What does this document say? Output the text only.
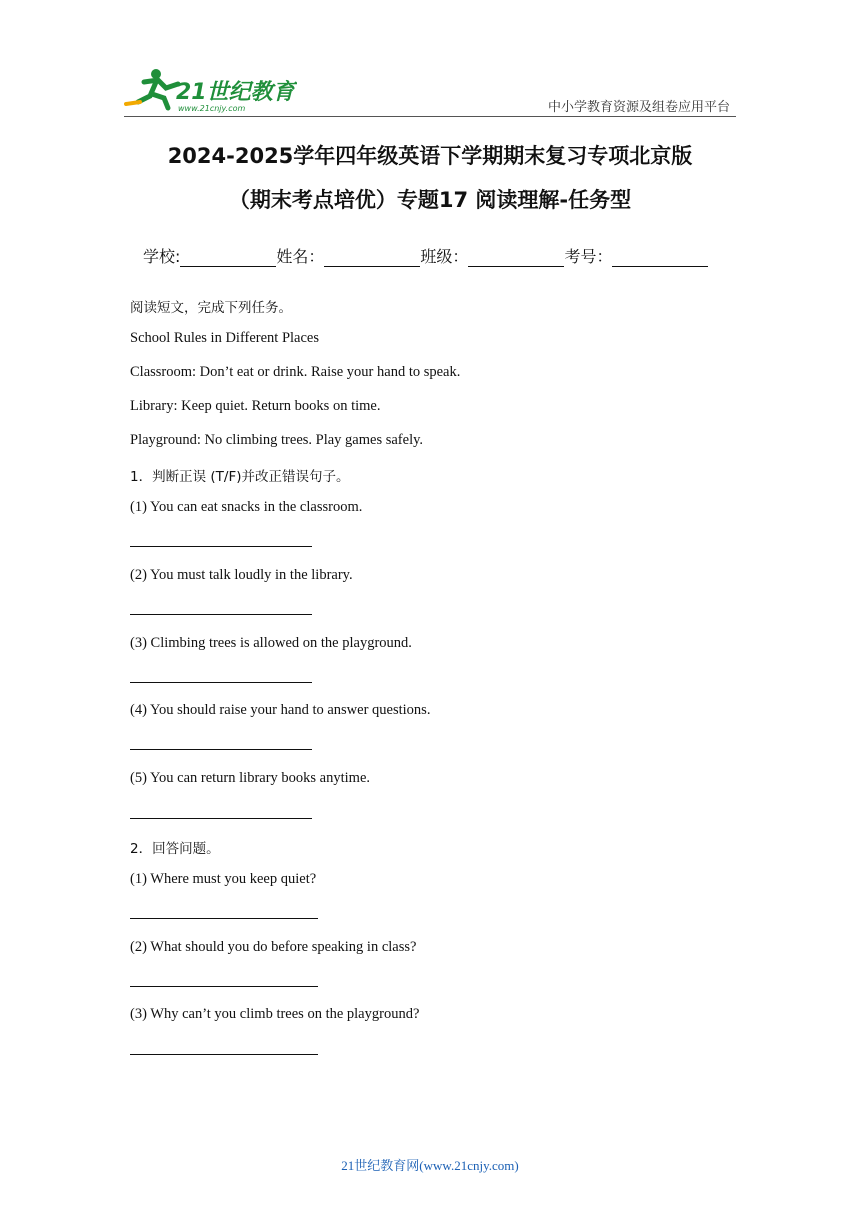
21世纪教育
www.21cnjy.com	中小学教育资源及组卷应用平台
2024-2025学年四年级英语下学期期末复习专项北京版
（期末考点培优）专题17 阅读理解-任务型
学校:	姓名：	班级：	考号：
阅读短文，完成下列任务。
School Rules in Different Places
Classroom: Don’t eat or drink. Raise your hand to speak.
Library: Keep quiet. Return books on time.
Playground: No climbing trees. Play games safely.
1．判断正误 (T/F)并改正错误句子。
(1) You can eat snacks in the classroom.
(2) You must talk loudly in the library.
(3) Climbing trees is allowed on the playground.
(4) You should raise your hand to answer questions.
(5) You can return library books anytime.
2．回答问题。
(1) Where must you keep quiet?
(2) What should you do before speaking in class?
(3) Why can’t you climb trees on the playground?
21世纪教育网(www.21cnjy.com)
